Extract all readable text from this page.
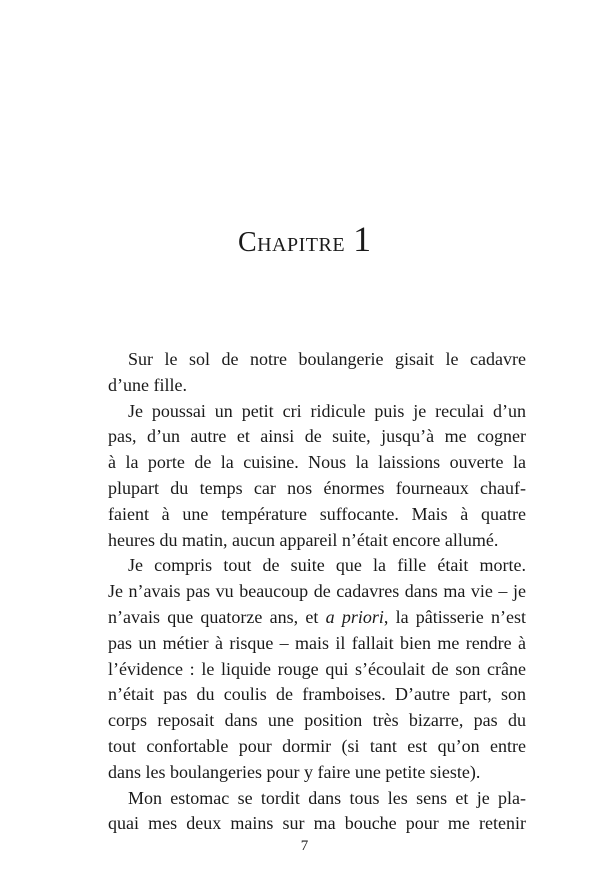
Chapitre 1
Sur le sol de notre boulangerie gisait le cadavre
d’une fille.
Je poussai un petit cri ridicule puis je reculai d’un
pas, d’un autre et ainsi de suite, jusqu’à me cogner
à la porte de la cuisine. Nous la laissions ouverte la
plupart du temps car nos énormes fourneaux chauf-
faient à une température suffocante. Mais à quatre
heures du matin, aucun appareil n’était encore allumé.
Je compris tout de suite que la fille était morte.
Je n’avais pas vu beaucoup de cadavres dans ma vie – je
n’avais que quatorze ans, et a priori, la pâtisserie n’est
pas un métier à risque – mais il fallait bien me rendre à
l’évidence : le liquide rouge qui s’écoulait de son crâne
n’était pas du coulis de framboises. D’autre part, son
corps reposait dans une position très bizarre, pas du
tout confortable pour dormir (si tant est qu’on entre
dans les boulangeries pour y faire une petite sieste).
Mon estomac se tordit dans tous les sens et je pla-
quai mes deux mains sur ma bouche pour me retenir
7
